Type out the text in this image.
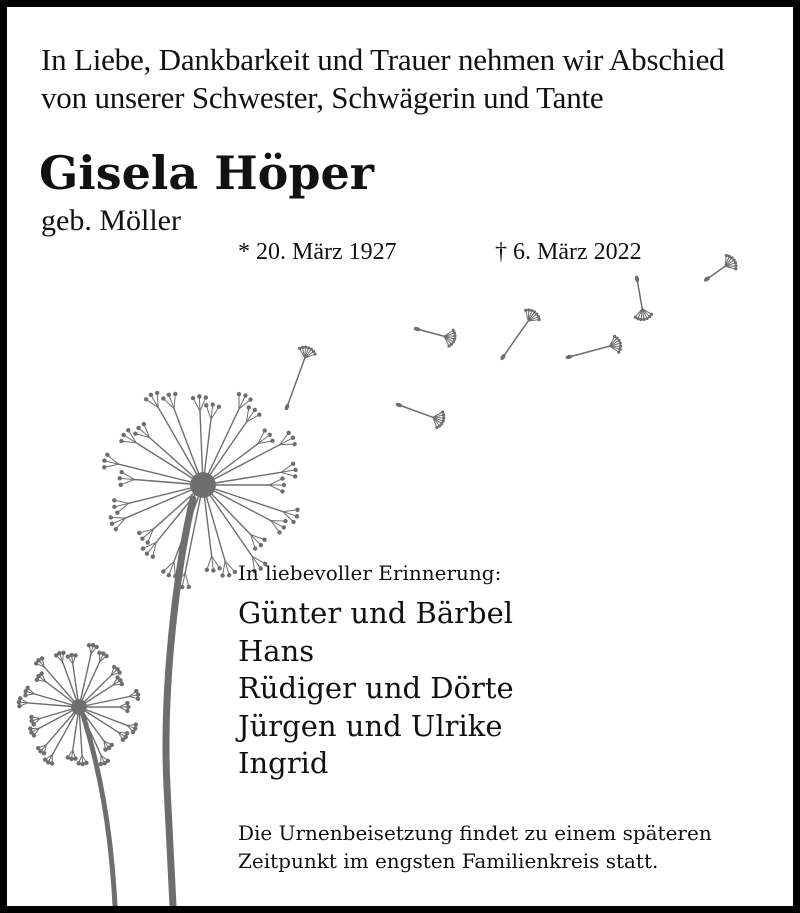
In Liebe, Dankbarkeit und Trauer nehmen wir Abschied
von unserer Schwester, Schwägerin und Tante
Gisela Höper
geb. Möller
* 20. März 1927	† 6. März 2022
In liebevoller Erinnerung:
Günter und Bärbel
Hans
Rüdiger und Dörte
Jürgen und Ulrike
Ingrid
Die Urnenbeisetzung findet zu einem späteren
Zeitpunkt im engsten Familienkreis statt.
